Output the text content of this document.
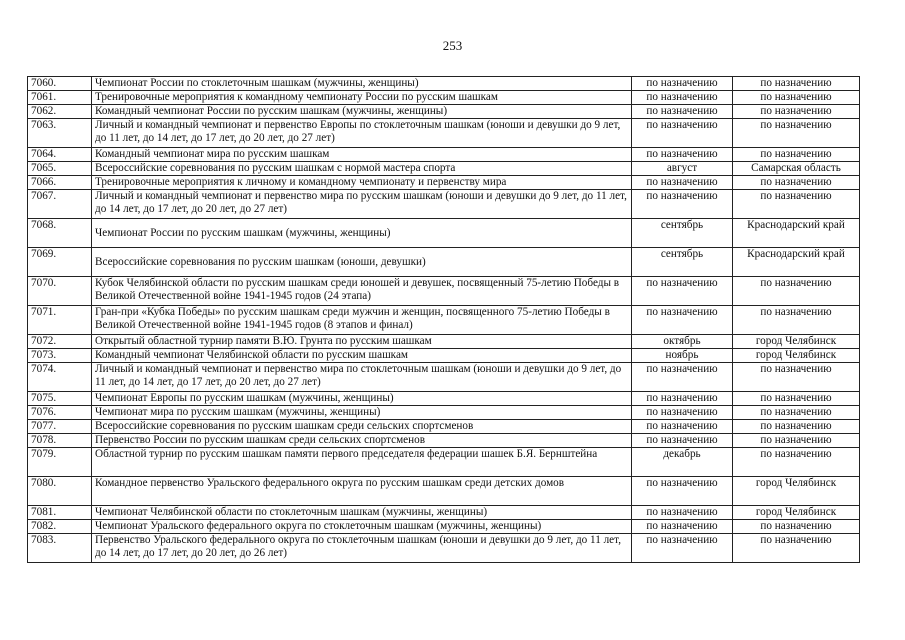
253
7060.	Чемпионат России по стоклеточным шашкам (мужчины, женщины)	по назначению	по назначению
7061.	Тренировочные мероприятия к командному чемпионату России по русским шашкам	по назначению	по назначению
7062.	Командный чемпионат России по русским шашкам (мужчины, женщины)	по назначению	по назначению
7063.	Личный и командный чемпионат и первенство Европы по стоклеточным шашкам (юноши и девушки до 9 лет, до 11 лет, до 14 лет, до 17 лет, до 20 лет, до 27 лет)	по назначению	по назначению
7064.	Командный чемпионат мира по русским шашкам	по назначению	по назначению
7065.	Всероссийские соревнования по русским шашкам с нормой мастера спорта	август	Самарская область
7066.	Тренировочные мероприятия к личному и командному чемпионату и первенству мира	по назначению	по назначению
7067.	Личный и командный чемпионат и первенство мира по русским шашкам (юноши и девушки до 9 лет, до 11 лет, до 14 лет, до 17 лет, до 20 лет, до 27 лет)	по назначению	по назначению
7068.	Чемпионат России по русским шашкам (мужчины, женщины)	сентябрь	Краснодарский край
7069.	Всероссийские соревнования по русским шашкам (юноши, девушки)	сентябрь	Краснодарский край
7070.	Кубок Челябинской области по русским шашкам среди юношей и девушек, посвященный 75-летию Победы в Великой Отечественной войне 1941-1945 годов (24 этапа)	по назначению	по назначению
7071.	Гран-при «Кубка Победы» по русским шашкам среди мужчин и женщин, посвященного 75-летию Победы в Великой Отечественной войне 1941-1945 годов (8 этапов и финал)	по назначению	по назначению
7072.	Открытый областной турнир памяти В.Ю. Грунта по русским шашкам	октябрь	город Челябинск
7073.	Командный чемпионат Челябинской области по русским шашкам	ноябрь	город Челябинск
7074.	Личный и командный чемпионат и первенство мира по стоклеточным шашкам (юноши и девушки до 9 лет, до 11 лет, до 14 лет, до 17 лет, до 20 лет, до 27 лет)	по назначению	по назначению
7075.	Чемпионат Европы по русским шашкам (мужчины, женщины)	по назначению	по назначению
7076.	Чемпионат мира по русским шашкам (мужчины, женщины)	по назначению	по назначению
7077.	Всероссийские соревнования по русским шашкам среди сельских спортсменов	по назначению	по назначению
7078.	Первенство России по русским шашкам среди сельских спортсменов	по назначению	по назначению
7079.	Областной турнир по русским шашкам памяти первого председателя федерации шашек Б.Я. Бернштейна	декабрь	по назначению
7080.	Командное первенство Уральского федерального округа по русским шашкам среди детских домов	по назначению	город Челябинск
7081.	Чемпионат Челябинской области по стоклеточным шашкам (мужчины, женщины)	по назначению	город Челябинск
7082.	Чемпионат Уральского федерального округа по стоклеточным шашкам (мужчины, женщины)	по назначению	по назначению
7083.	Первенство Уральского федерального округа по стоклеточным шашкам (юноши и девушки до 9 лет, до 11 лет, до 14 лет, до 17 лет, до 20 лет, до 26 лет)	по назначению	по назначению
